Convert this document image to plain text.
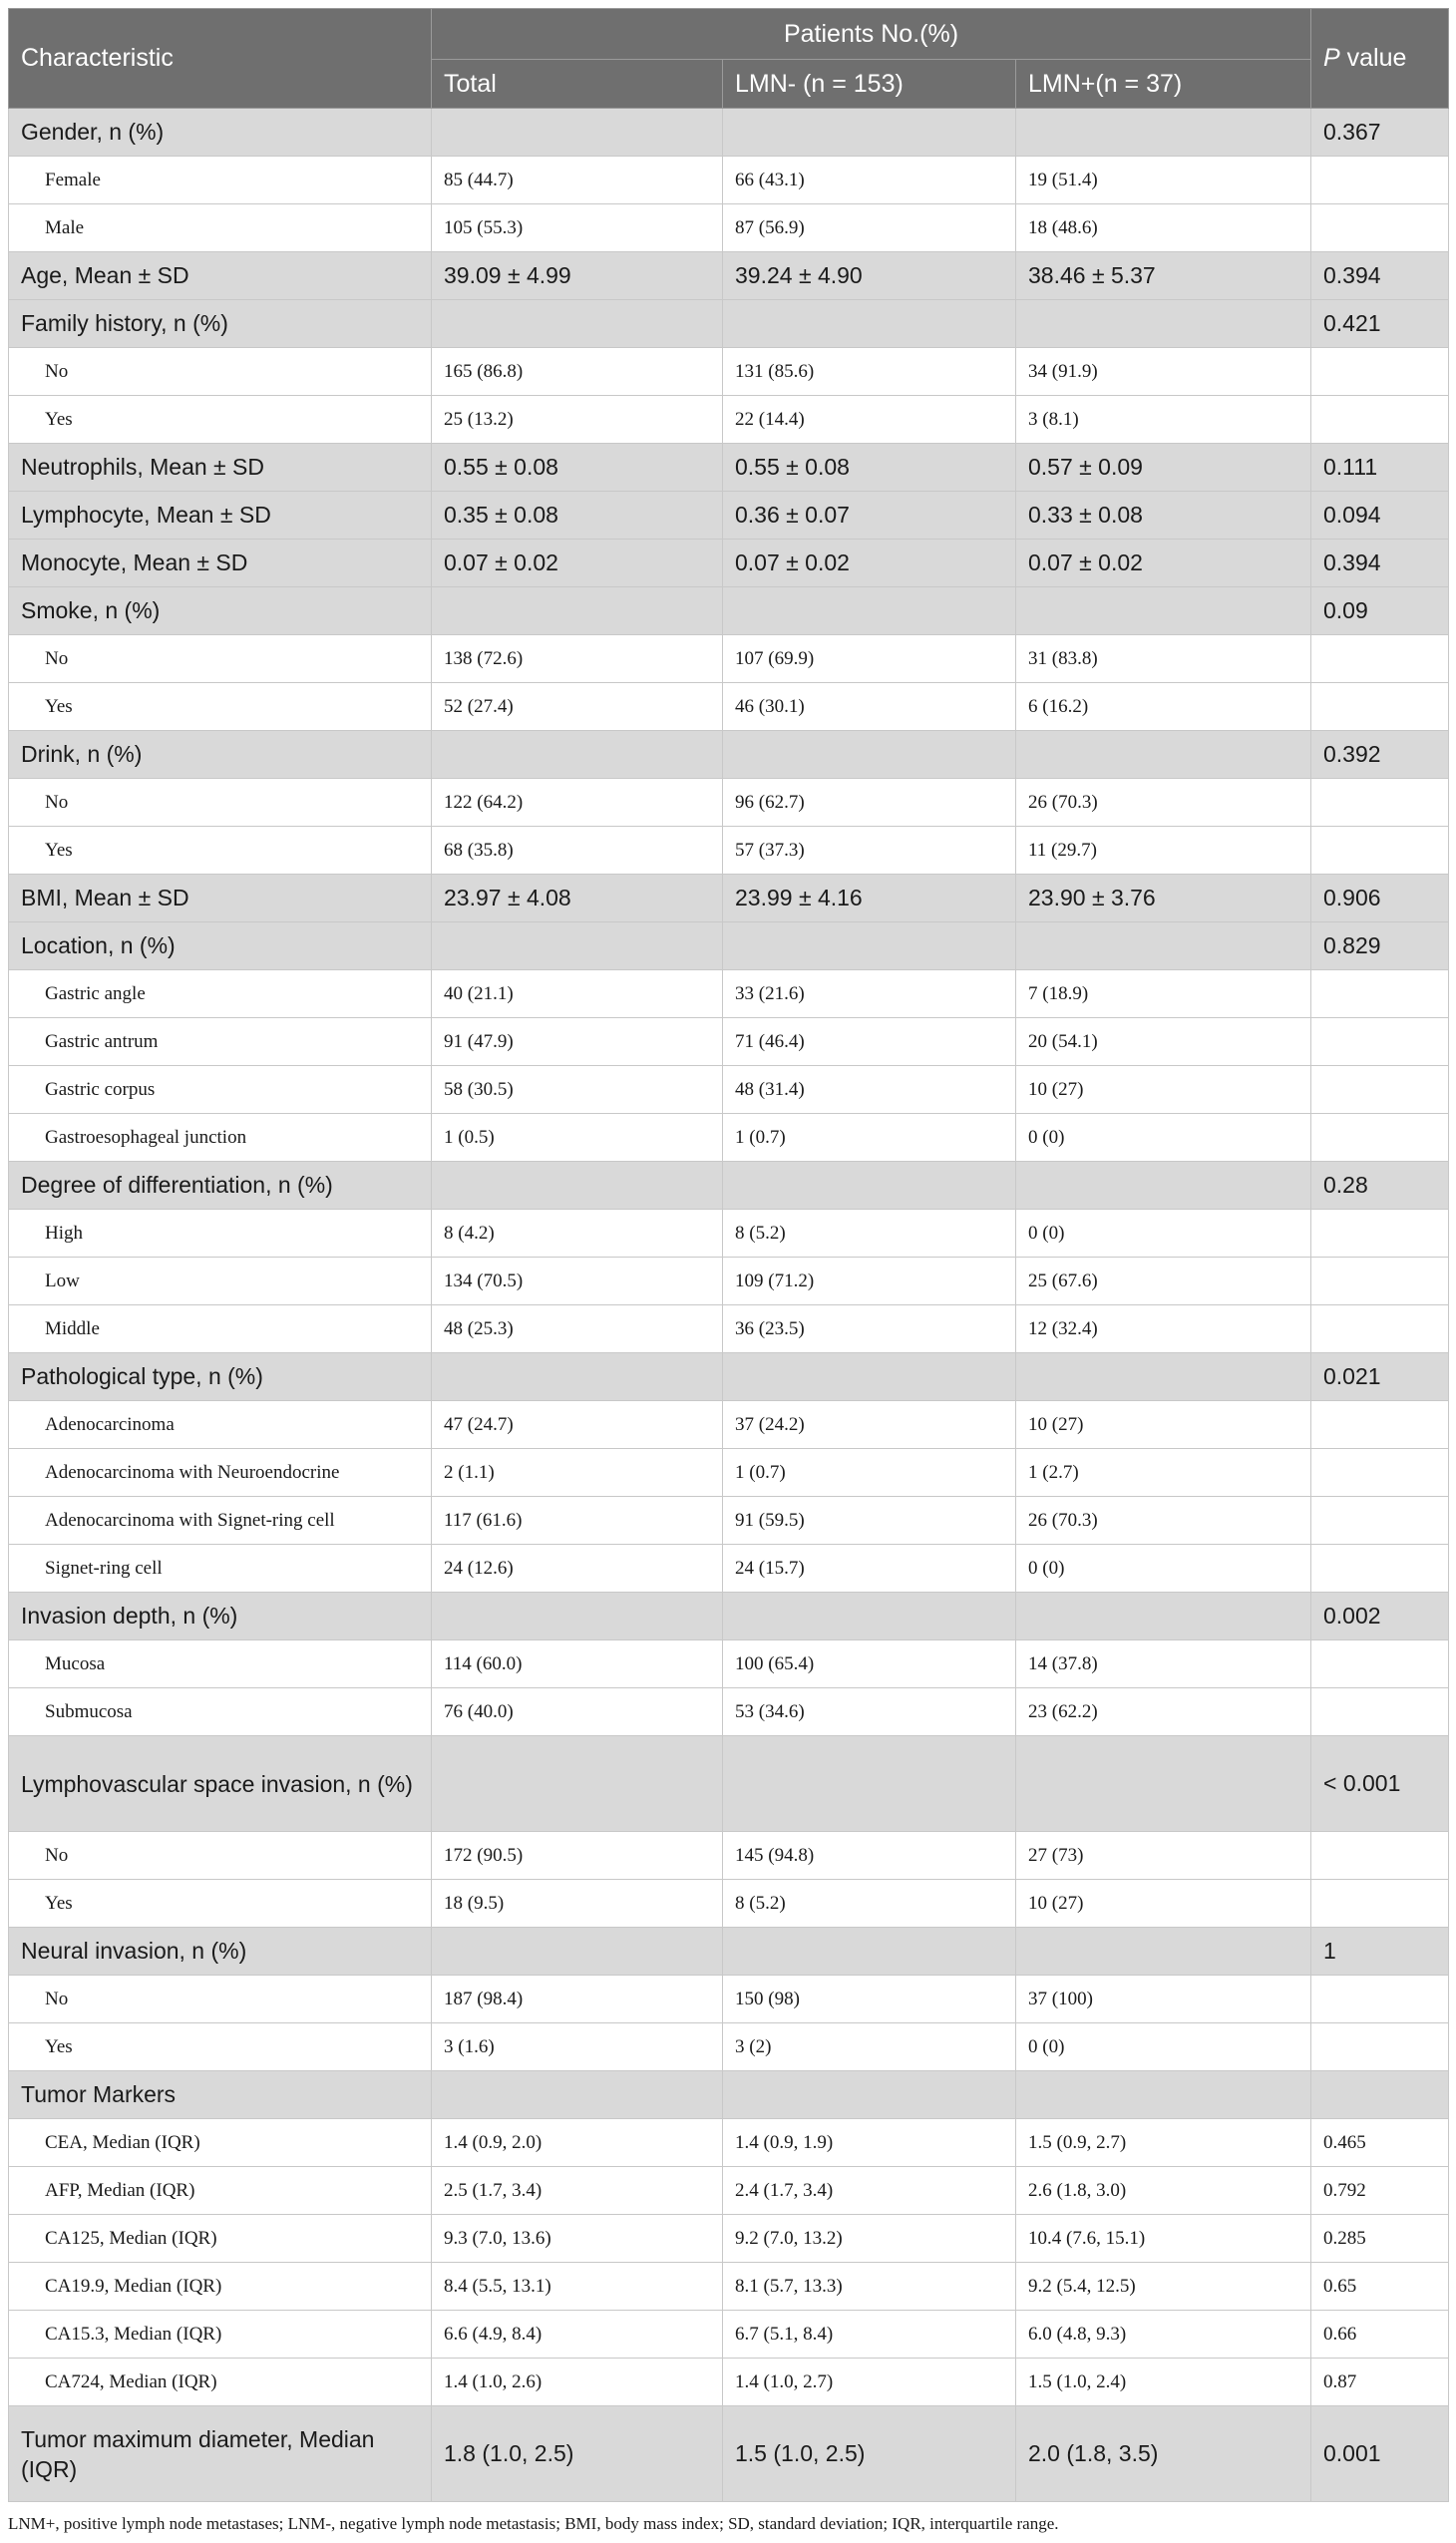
Characteristic	Patients No.(%)			P value
	Total	LMN- (n = 153)	LMN+(n = 37)	
Gender, n (%)				0.367
Female	85 (44.7)	66 (43.1)	19 (51.4)	
Male	105 (55.3)	87 (56.9)	18 (48.6)	
Age, Mean ± SD	39.09 ± 4.99	39.24 ± 4.90	38.46 ± 5.37	0.394
Family history, n (%)				0.421
No	165 (86.8)	131 (85.6)	34 (91.9)	
Yes	25 (13.2)	22 (14.4)	3 (8.1)	
Neutrophils, Mean ± SD	0.55 ± 0.08	0.55 ± 0.08	0.57 ± 0.09	0.111
Lymphocyte, Mean ± SD	0.35 ± 0.08	0.36 ± 0.07	0.33 ± 0.08	0.094
Monocyte, Mean ± SD	0.07 ± 0.02	0.07 ± 0.02	0.07 ± 0.02	0.394
Smoke, n (%)				0.09
No	138 (72.6)	107 (69.9)	31 (83.8)	
Yes	52 (27.4)	46 (30.1)	6 (16.2)	
Drink, n (%)				0.392
No	122 (64.2)	96 (62.7)	26 (70.3)	
Yes	68 (35.8)	57 (37.3)	11 (29.7)	
BMI, Mean ± SD	23.97 ± 4.08	23.99 ± 4.16	23.90 ± 3.76	0.906
Location, n (%)				0.829
Gastric angle	40 (21.1)	33 (21.6)	7 (18.9)	
Gastric antrum	91 (47.9)	71 (46.4)	20 (54.1)	
Gastric corpus	58 (30.5)	48 (31.4)	10 (27)	
Gastroesophageal junction	1 (0.5)	1 (0.7)	0 (0)	
Degree of differentiation, n (%)				0.28
High	8 (4.2)	8 (5.2)	0 (0)	
Low	134 (70.5)	109 (71.2)	25 (67.6)	
Middle	48 (25.3)	36 (23.5)	12 (32.4)	
Pathological type, n (%)				0.021
Adenocarcinoma	47 (24.7)	37 (24.2)	10 (27)	
Adenocarcinoma with Neuroendocrine	2 (1.1)	1 (0.7)	1 (2.7)	
Adenocarcinoma with Signet-ring cell	117 (61.6)	91 (59.5)	26 (70.3)	
Signet-ring cell	24 (12.6)	24 (15.7)	0 (0)	
Invasion depth, n (%)				0.002
Mucosa	114 (60.0)	100 (65.4)	14 (37.8)	
Submucosa	76 (40.0)	53 (34.6)	23 (62.2)	
Lymphovascular space invasion, n (%)				< 0.001
No	172 (90.5)	145 (94.8)	27 (73)	
Yes	18 (9.5)	8 (5.2)	10 (27)	
Neural invasion, n (%)				1
No	187 (98.4)	150 (98)	37 (100)	
Yes	3 (1.6)	3 (2)	0 (0)	
Tumor Markers				
CEA, Median (IQR)	1.4 (0.9, 2.0)	1.4 (0.9, 1.9)	1.5 (0.9, 2.7)	0.465
AFP, Median (IQR)	2.5 (1.7, 3.4)	2.4 (1.7, 3.4)	2.6 (1.8, 3.0)	0.792
CA125, Median (IQR)	9.3 (7.0, 13.6)	9.2 (7.0, 13.2)	10.4 (7.6, 15.1)	0.285
CA19.9, Median (IQR)	8.4 (5.5, 13.1)	8.1 (5.7, 13.3)	9.2 (5.4, 12.5)	0.65
CA15.3, Median (IQR)	6.6 (4.9, 8.4)	6.7 (5.1, 8.4)	6.0 (4.8, 9.3)	0.66
CA724, Median (IQR)	1.4 (1.0, 2.6)	1.4 (1.0, 2.7)	1.5 (1.0, 2.4)	0.87
Tumor maximum diameter, Median (IQR)	1.8 (1.0, 2.5)	1.5 (1.0, 2.5)	2.0 (1.8, 3.5)	0.001
LNM+, positive lymph node metastases; LNM-, negative lymph node metastasis; BMI, body mass index; SD, standard deviation; IQR, interquartile range.
